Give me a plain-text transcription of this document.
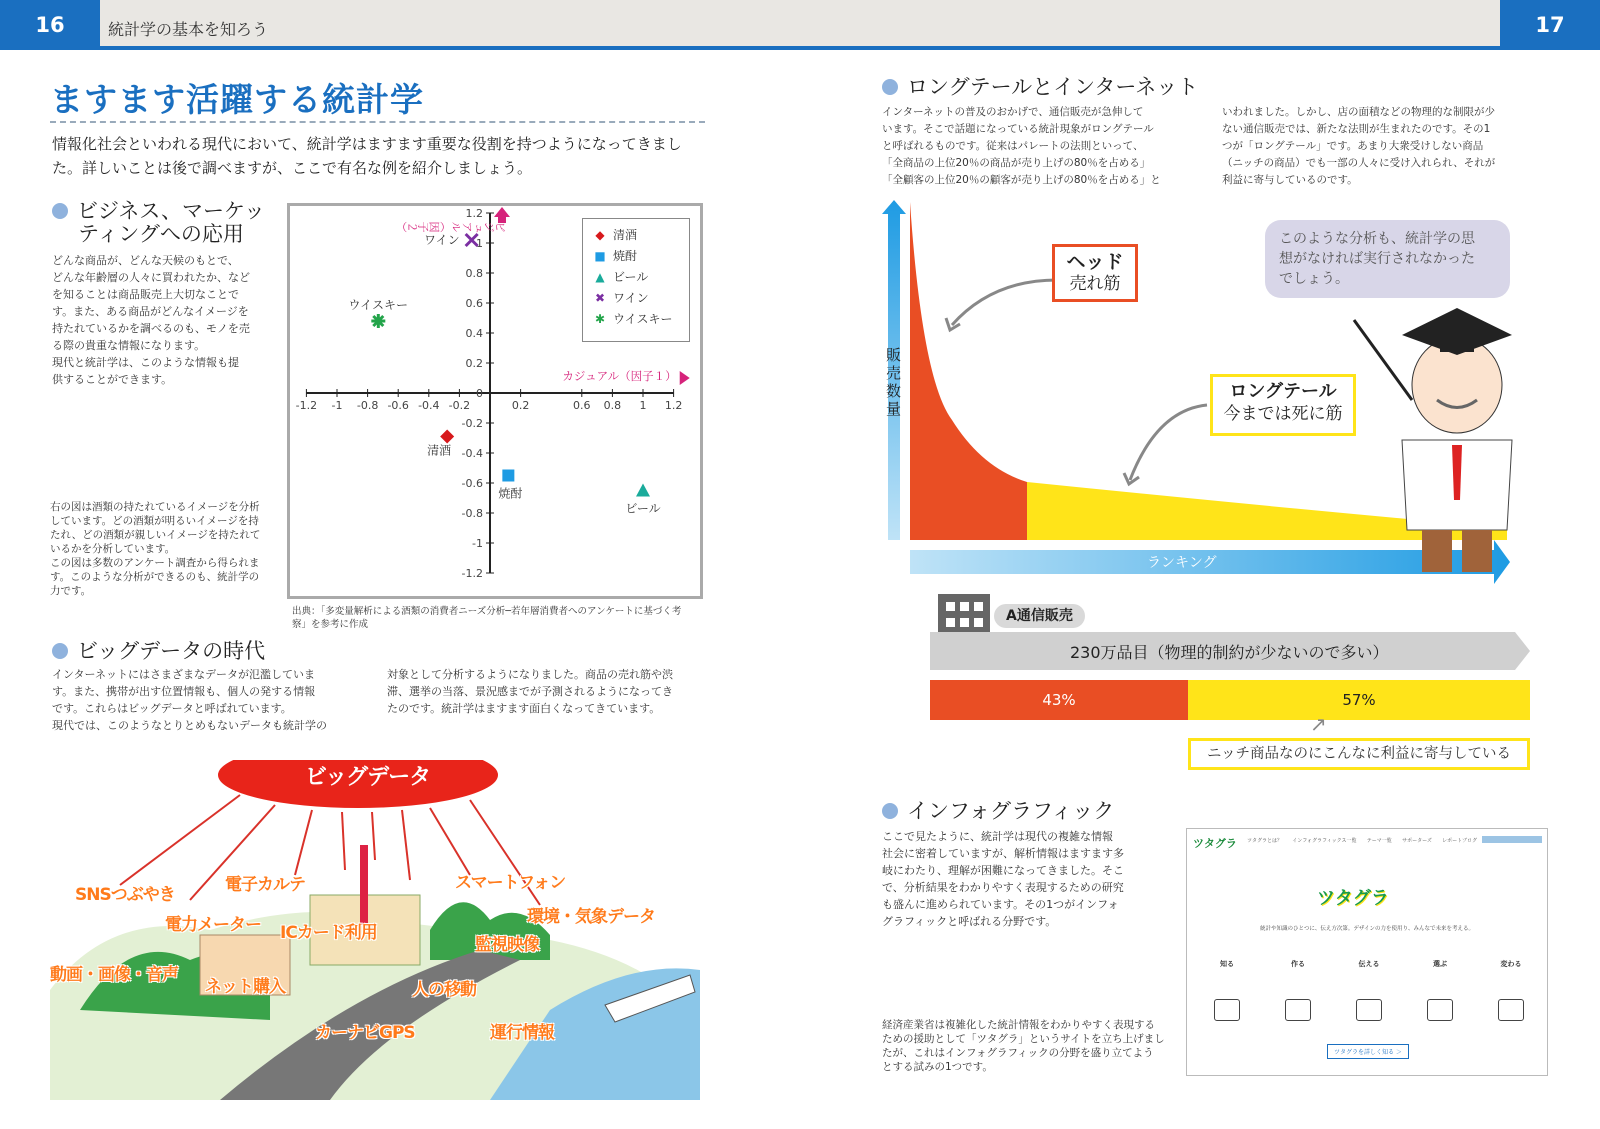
16	17
統計学の基本を知ろう
ますます活躍する統計学
情報化社会といわれる現代において、統計学はますます重要な役割を持つようになってきまし
た。詳しいことは後で調べますが、ここで有名な例を紹介しましょう。
ビジネス、マーケッ
ティングへの応用
どんな商品が、どんな天候のもとで、
どんな年齢層の人々に買われたか、など
を知ることは商品販売上大切なことで
す。また、ある商品がどんなイメージを
持たれているかを調べるのも、モノを売
る際の貴重な情報になります。
現代と統計学は、このような情報も提
供することができます。
右の図は酒類の持たれているイメージを分析
しています。どの酒類が明るいイメージを持
たれ、どの酒類が親しいイメージを持たれて
いるかを分析しています。
この図は多数のアンケート調査から得られま
す。このような分析ができるのも、統計学の
力です。
-1.2 -1 -0.8 -0.6 -0.4 -0.2	0.2	0.6 0.8 1 1.2
1.2
1
0.8
0.6
0.4
0.2
0
-0.2
-0.4
-0.6
-0.8
-1
-1.2
ビジュアル（因子２）
カジュアル（因子１）
清酒
焼酎
ビール
ワイン
ウイスキー
◆ 清酒
■ 焼酎
▲ ビール
✖ ワイン
✱ ウイスキー
出典：「多変量解析による酒類の消費者ニーズ分析─若年層消費者へのアンケートに基づく考
察」を参考に作成
ビッグデータの時代
インターネットにはさまざまなデータが氾濫していま
す。また、携帯が出す位置情報も、個人の発する情報
です。これらはビッグデータと呼ばれています。
現代では、このようなとりとめもないデータも統計学の
対象として分析するようになりました。商品の売れ筋や渋
滞、選挙の当落、景況感までが予測されるようになってき
たのです。統計学はますます面白くなってきています。
ビッグデータ
SNSつぶやき	電子カルテ	スマートフォン
電力メーター ICカード利用
環境・気象データ
監視映像
動画・画像・音声
ネット購入	人の移動
カーナビGPS	運行情報
ロングテールとインターネット
インターネットの普及のおかげで、通信販売が急伸して
います。そこで話題になっている統計現象がロングテール
と呼ばれるものです。従来はパレートの法則といって、
「全商品の上位20％の商品が売り上げの80％を占める」
「全顧客の上位20％の顧客が売り上げの80％を占める」と
いわれました。しかし、店の面積などの物理的な制限が少
ない通信販売では、新たな法則が生まれたのです。その1
つが「ロングテール」です。あまり大衆受けしない商品
（ニッチの商品）でも一部の人々に受け入れられ、それが
利益に寄与しているのです。
販売数量
ヘッド
売れ筋
ロングテール
今までは死に筋
ランキング
このような分析も、統計学の思
想がなければ実行されなかった
でしょう。
A通信販売
230万品目（物理的制約が少ないので多い）
43%	57%
↗
ニッチ商品なのにこんなに利益に寄与している
インフォグラフィック
ここで見たように、統計学は現代の複雑な情報
社会に密着していますが、解析情報はますます多
岐にわたり、理解が困難になってきました。そこ
で、分析結果をわかりやすく表現するための研究
も盛んに進められています。その1つがインフォ
グラフィックと呼ばれる分野です。
経済産業省は複雑化した統計情報をわかりやすく表現する
ための援助として「ツタグラ」というサイトを立ち上げまし
たが、これはインフォグラフィックの分野を盛り立てよう
とする試みの1つです。
ツタグラ ツタグラとは？ インフォグラフィックス一覧 テーマ一覧 サポーターズ レポートブログ
ツタグラ
統計や知識のひとつに、伝え方次第。デザインの力を使用り、みんなで未来を考える。
知る	作る	伝える	選ぶ	変わる
ツタグラを詳しく知る ＞
